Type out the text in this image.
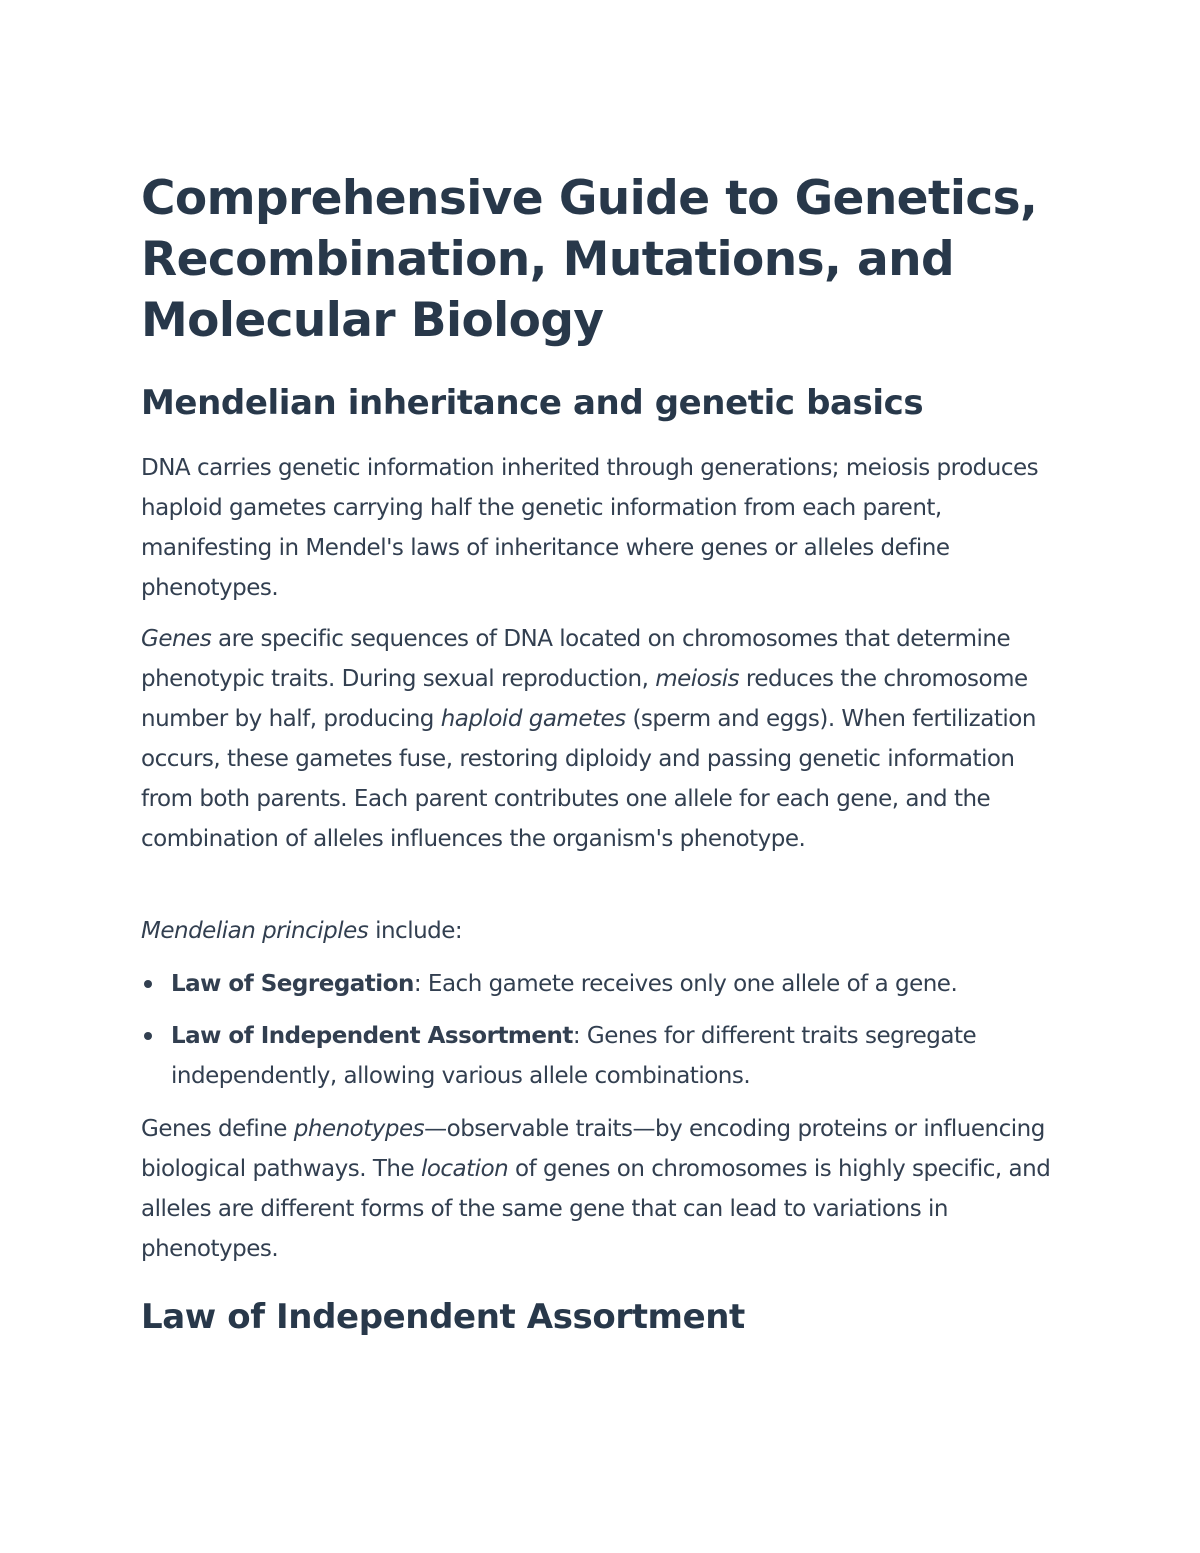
Comprehensive Guide to Genetics, Recombination, Mutations, and Molecular Biology
Mendelian inheritance and genetic basics

DNA carries genetic information inherited through generations; meiosis produces haploid gametes carrying half the genetic information from each parent, manifesting in Mendel's laws of inheritance where genes or alleles define phenotypes.

Genes are specific sequences of DNA located on chromosomes that determine phenotypic traits. During sexual reproduction, meiosis reduces the chromosome number by half, producing haploid gametes (sperm and eggs). When fertilization occurs, these gametes fuse, restoring diploidy and passing genetic information from both parents. Each parent contributes one allele for each gene, and the combination of alleles influences the organism's phenotype.

Mendelian principles include:

Law of Segregation: Each gamete receives only one allele of a gene.
Law of Independent Assortment: Genes for different traits segregate independently, allowing various allele combinations.

Genes define phenotypes—observable traits—by encoding proteins or influencing biological pathways. The location of genes on chromosomes is highly specific, and alleles are different forms of the same gene that can lead to variations in phenotypes.

Law of Independent Assortment
